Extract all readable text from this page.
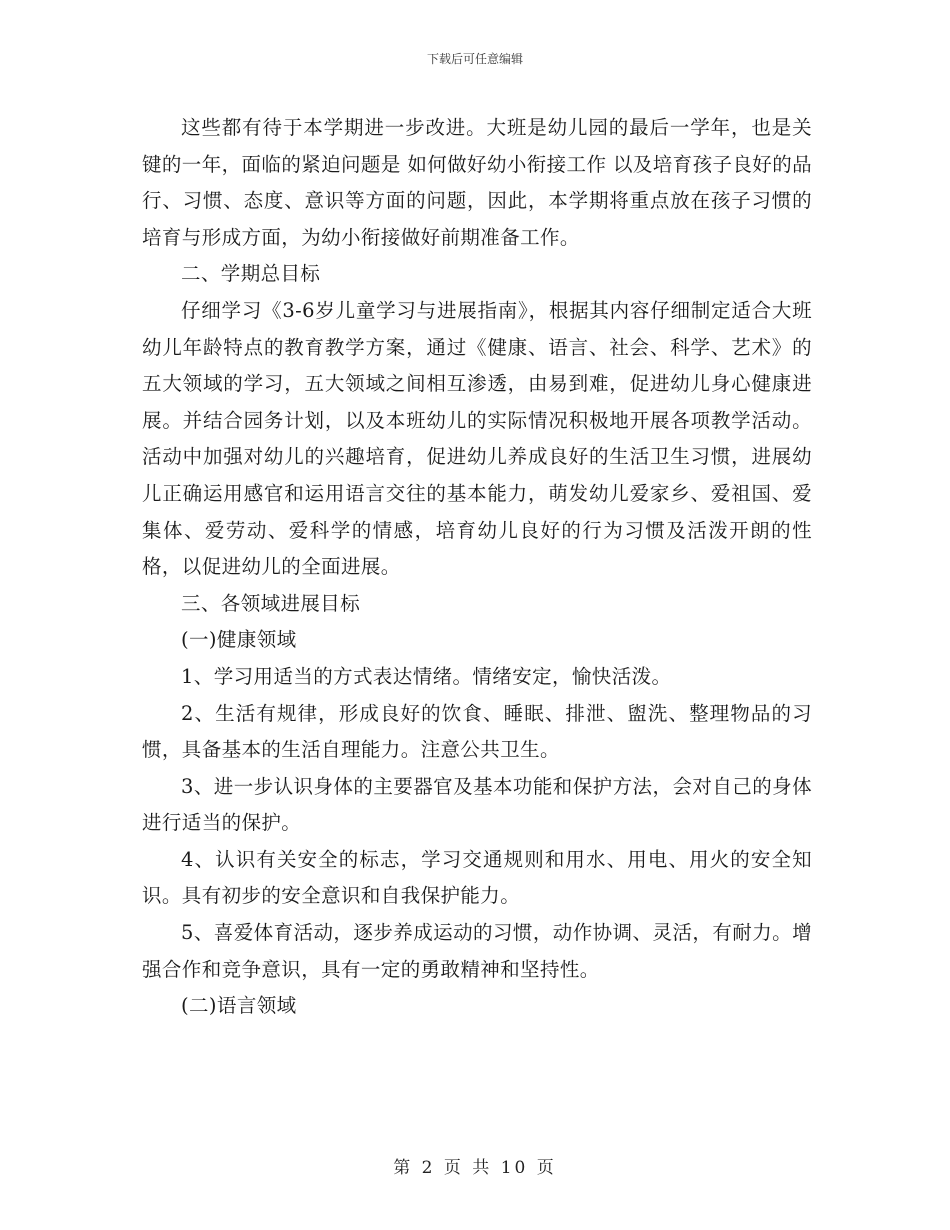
下载后可任意编辑

这些都有待于本学期进一步改进。大班是幼儿园的最后一学年，也是关键的一年，面临的紧迫问题是 如何做好幼小衔接工作 以及培育孩子良好的品行、习惯、态度、意识等方面的问题，因此，本学期将重点放在孩子习惯的培育与形成方面，为幼小衔接做好前期准备工作。

二、学期总目标

仔细学习《3-6岁儿童学习与进展指南》，根据其内容仔细制定适合大班幼儿年龄特点的教育教学方案，通过《健康、语言、社会、科学、艺术》的五大领域的学习，五大领域之间相互渗透，由易到难，促进幼儿身心健康进展。并结合园务计划，以及本班幼儿的实际情况积极地开展各项教学活动。活动中加强对幼儿的兴趣培育，促进幼儿养成良好的生活卫生习惯，进展幼儿正确运用感官和运用语言交往的基本能力，萌发幼儿爱家乡、爱祖国、爱集体、爱劳动、爱科学的情感，培育幼儿良好的行为习惯及活泼开朗的性格，以促进幼儿的全面进展。

三、各领域进展目标

(一)健康领域

1、学习用适当的方式表达情绪。情绪安定，愉快活泼。

2、生活有规律，形成良好的饮食、睡眠、排泄、盥洗、整理物品的习惯，具备基本的生活自理能力。注意公共卫生。

3、进一步认识身体的主要器官及基本功能和保护方法，会对自己的身体进行适当的保护。

4、认识有关安全的标志，学习交通规则和用水、用电、用火的安全知识。具有初步的安全意识和自我保护能力。

5、喜爱体育活动，逐步养成运动的习惯，动作协调、灵活，有耐力。增强合作和竞争意识，具有一定的勇敢精神和坚持性。

(二)语言领域

第 2 页 共 10 页
